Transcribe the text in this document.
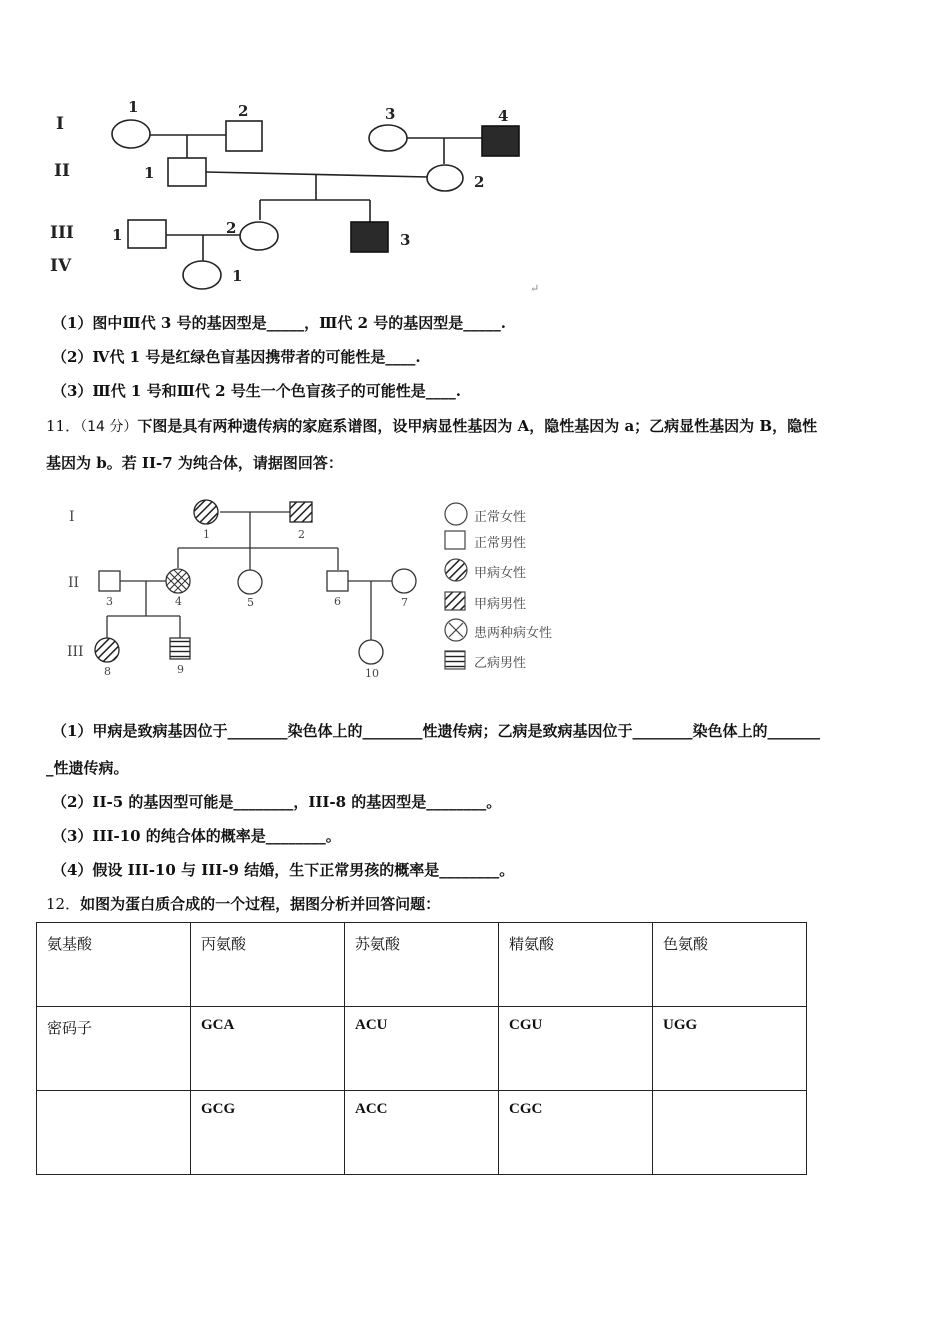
I
II
III
IV
1	2	3	4
1	2
1	2
3
1
↵
（1）图中Ⅲ代 3 号的基因型是_____，Ⅲ代 2 号的基因型是_____.
（2）Ⅳ代 1 号是红绿色盲基因携带者的可能性是____.
（3）Ⅲ代 1 号和Ⅲ代 2 号生一个色盲孩子的可能性是____.
11．（14 分）下图是具有两种遗传病的家庭系谱图，设甲病显性基因为 A，隐性基因为 a；乙病显性基因为 B，隐性
基因为 b。若 II-7 为纯合体，请据图回答：
I
II
III
1	2
3	4	5	6	7
8	9	10
正常女性
正常男性
甲病女性
甲病男性
患两种病女性
乙病男性
（1）甲病是致病基因位于________染色体上的________性遗传病；乙病是致病基因位于________染色体上的_______
_性遗传病。
（2）II-5 的基因型可能是________，III-8 的基因型是________。
（3）III-10 的纯合体的概率是________。
（4）假设 III-10 与 III-9 结婚，生下正常男孩的概率是________。
12．如图为蛋白质合成的一个过程，据图分析并回答问题：
氨基酸	丙氨酸	苏氨酸	精氨酸	色氨酸
密码子	GCA	ACU	CGU	UGG
	GCG	ACC	CGC	
